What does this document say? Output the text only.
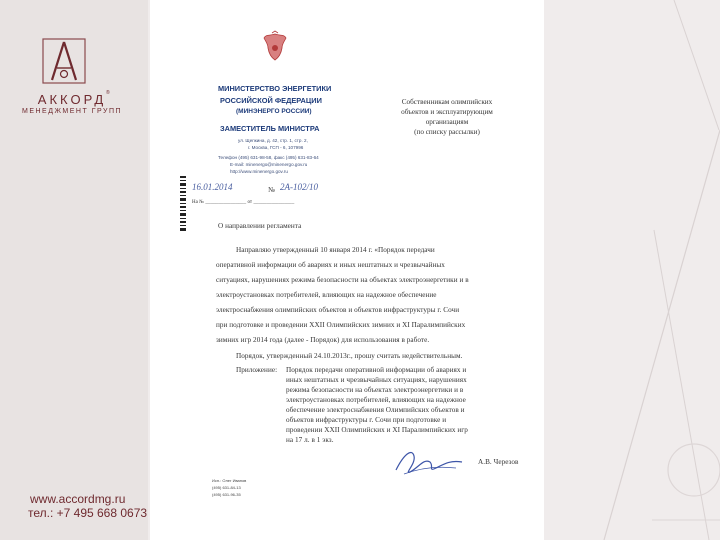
АККОРД ®
МЕНЕДЖМЕНТ ГРУПП
www.accordmg.ru
тел.: +7 495 668 0673
МИНИСТЕРСТВО ЭНЕРГЕТИКИ
РОССИЙСКОЙ ФЕДЕРАЦИИ
(МИНЭНЕРГО РОССИИ)
ЗАМЕСТИТЕЛЬ МИНИСТРА
ул. Щепкина, д. 42, стр. 1, стр. 2,
г. Москва, ГСП - 6, 107996
Телефон (495) 631-98-58, факс (495) 631-83-64
E-mail: minenergo@minenergo.gov.ru
http://www.minenergo.gov.ru
16.01.2014	№ 2А-102/10
На № ________________ от ________________
О направлении регламента
Собственникам олимпийских
объектов и эксплуатирующим
организациям
(по списку рассылки)
Направляю утвержденный 10 января 2014 г. «Порядок передачи
оперативной информации об авариях и иных нештатных и чрезвычайных
ситуациях, нарушениях режима безопасности на объектах электроэнергетики и в
электроустановках потребителей, влияющих на надежное обеспечение
электроснабжения олимпийских объектов и объектов инфраструктуры г. Сочи
при подготовке и проведении XXII Олимпийских зимних и XI Паралимпийских
зимних игр 2014 года (далее - Порядок) для использования в работе.
Порядок, утвержденный 24.10.2013г., прошу считать недействительным.
Приложение: Порядок передачи оперативной информации об авариях и
иных нештатных и чрезвычайных ситуациях, нарушениях
режима безопасности на объектах электроэнергетики и в
электроустановках потребителей, влияющих на надежное
обеспечение электроснабжения Олимпийских объектов и
объектов инфраструктуры г. Сочи при подготовке и
проведении XXII Олимпийских и XI Паралимпийских игр
на 17 л. в 1 экз.
А.В. Черезов
Исп.: Олег Иванов
(495) 631-84-13
(495) 631-96-35
